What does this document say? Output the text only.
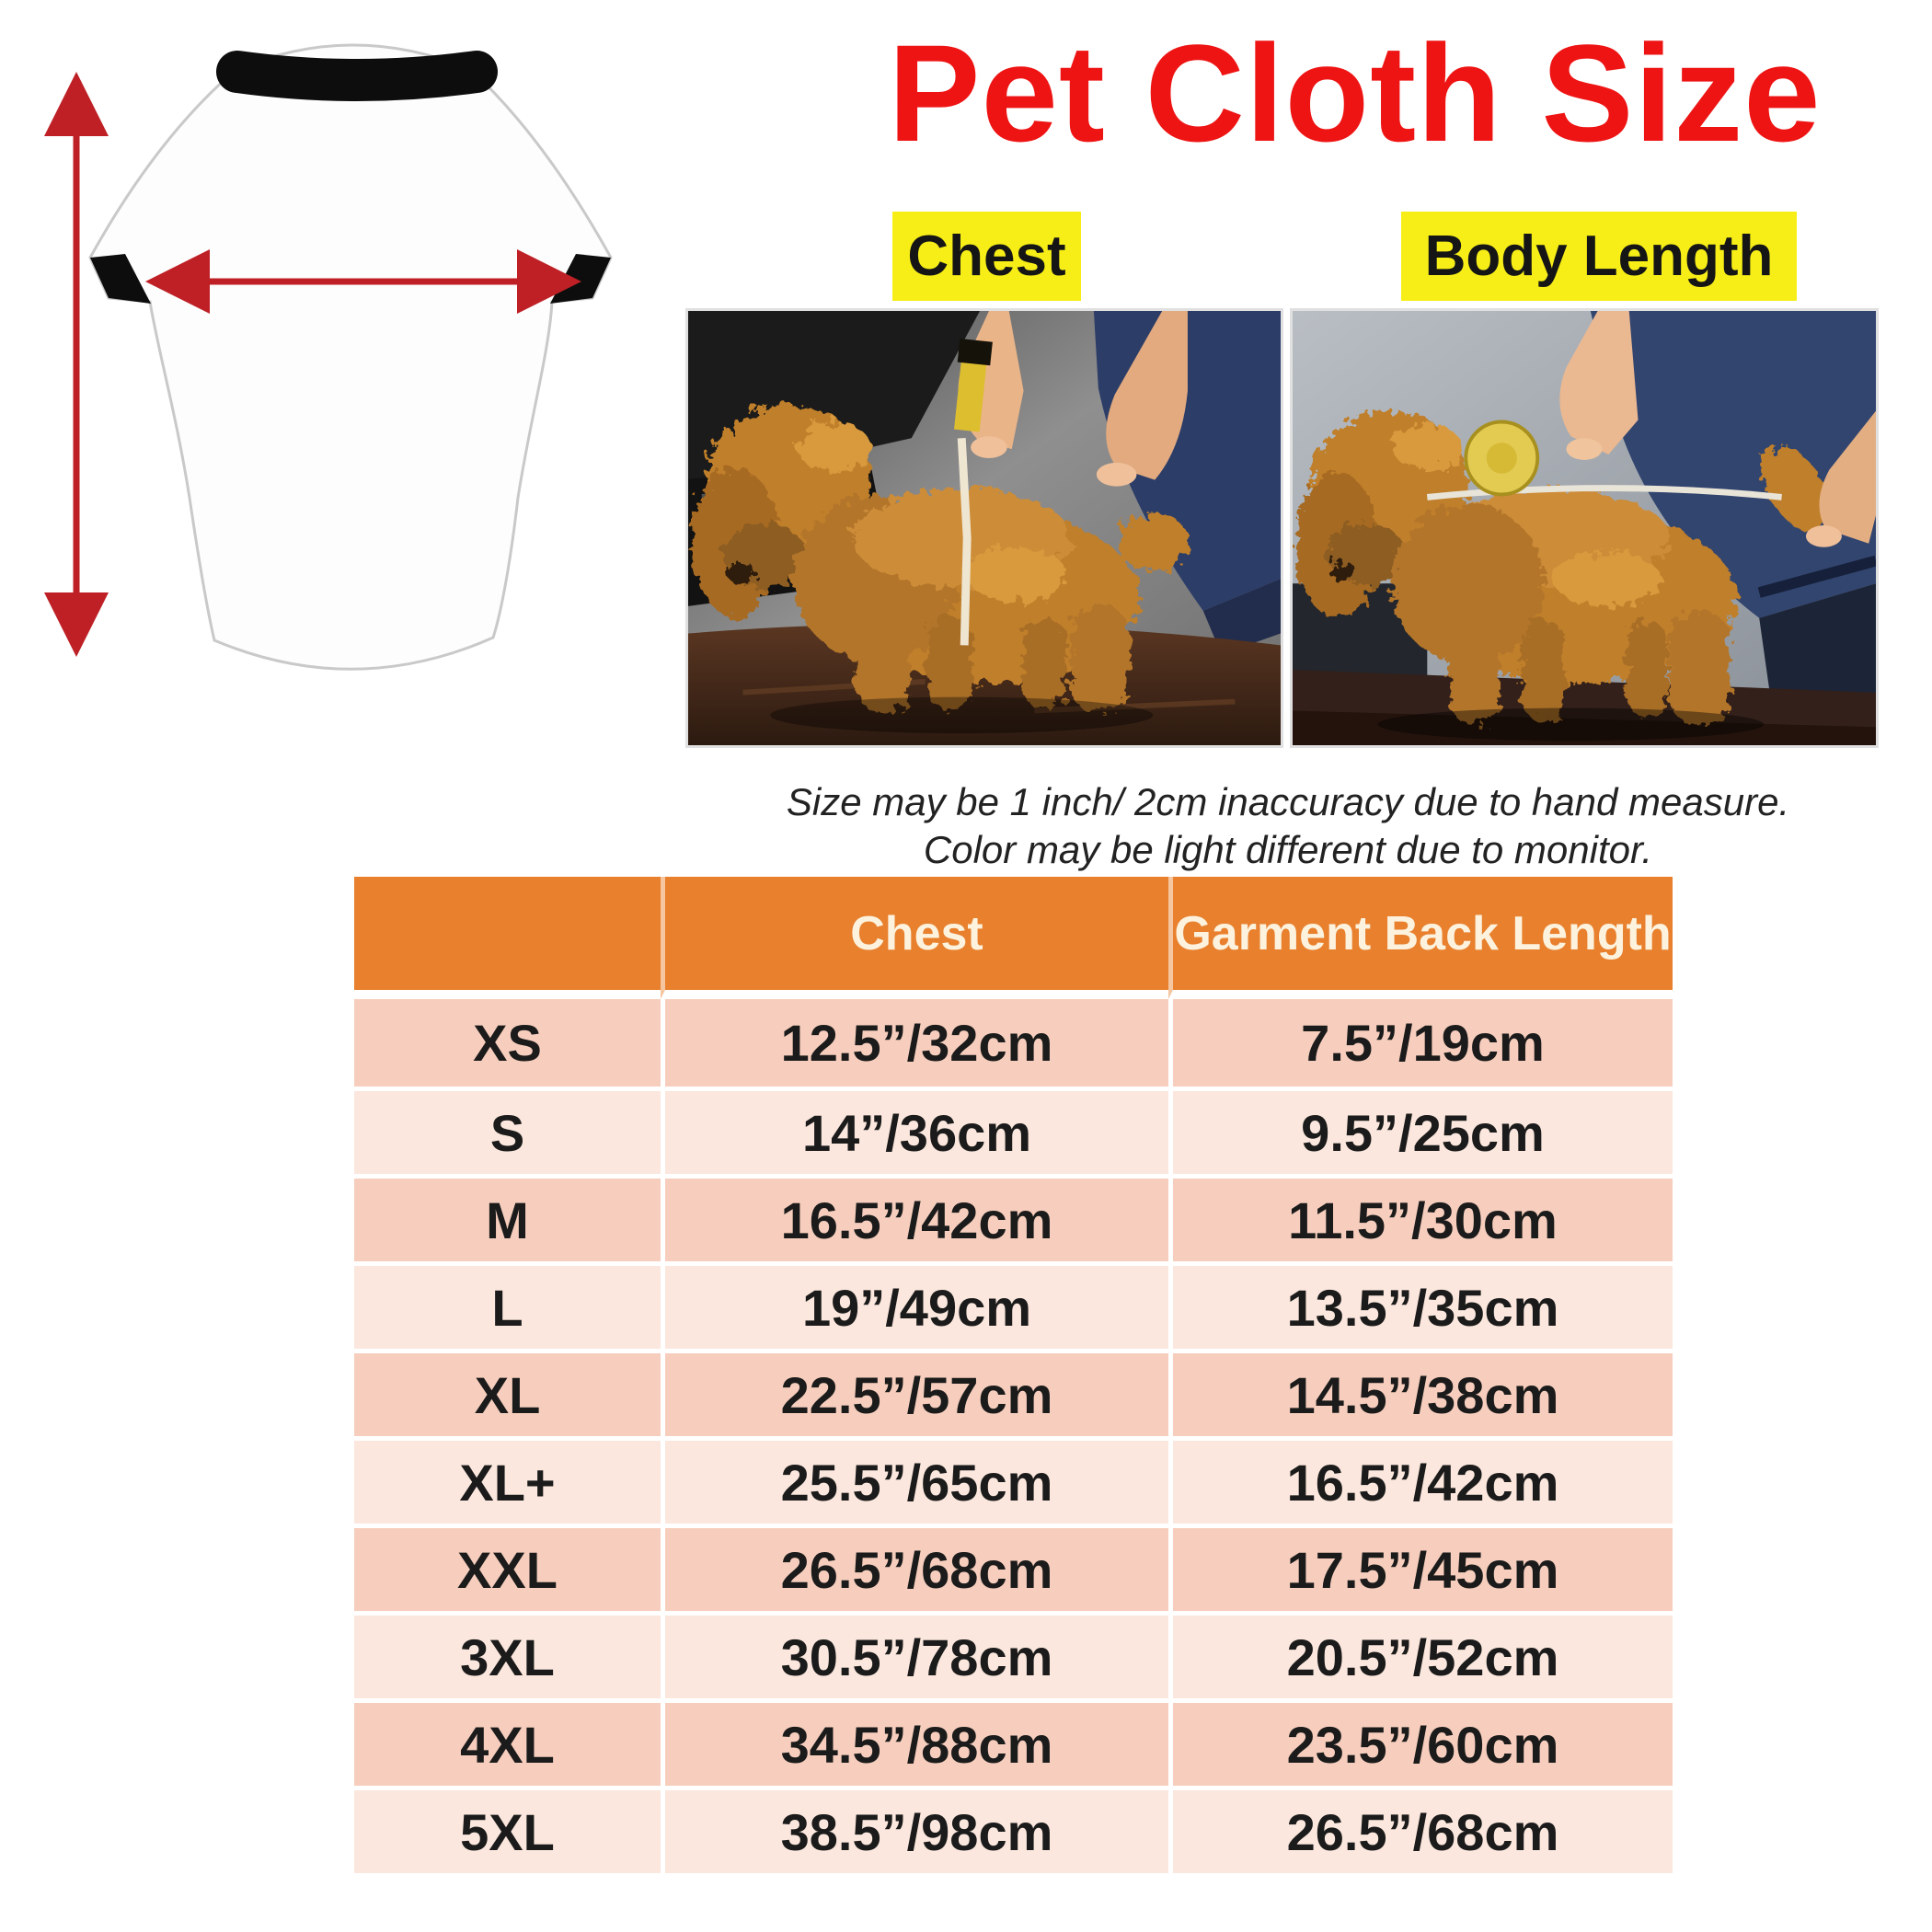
Pet Cloth Size
Chest	Body Length
Size may be 1 inch/ 2cm inaccuracy due to hand measure.
Color may be light different due to monitor.
	Chest	Garment Back Length
XS	12.5”/32cm	7.5”/19cm
S	14”/36cm	9.5”/25cm
M	16.5”/42cm	11.5”/30cm
L	19”/49cm	13.5”/35cm
XL	22.5”/57cm	14.5”/38cm
XL+	25.5”/65cm	16.5”/42cm
XXL	26.5”/68cm	17.5”/45cm
3XL	30.5”/78cm	20.5”/52cm
4XL	34.5”/88cm	23.5”/60cm
5XL	38.5”/98cm	26.5”/68cm
